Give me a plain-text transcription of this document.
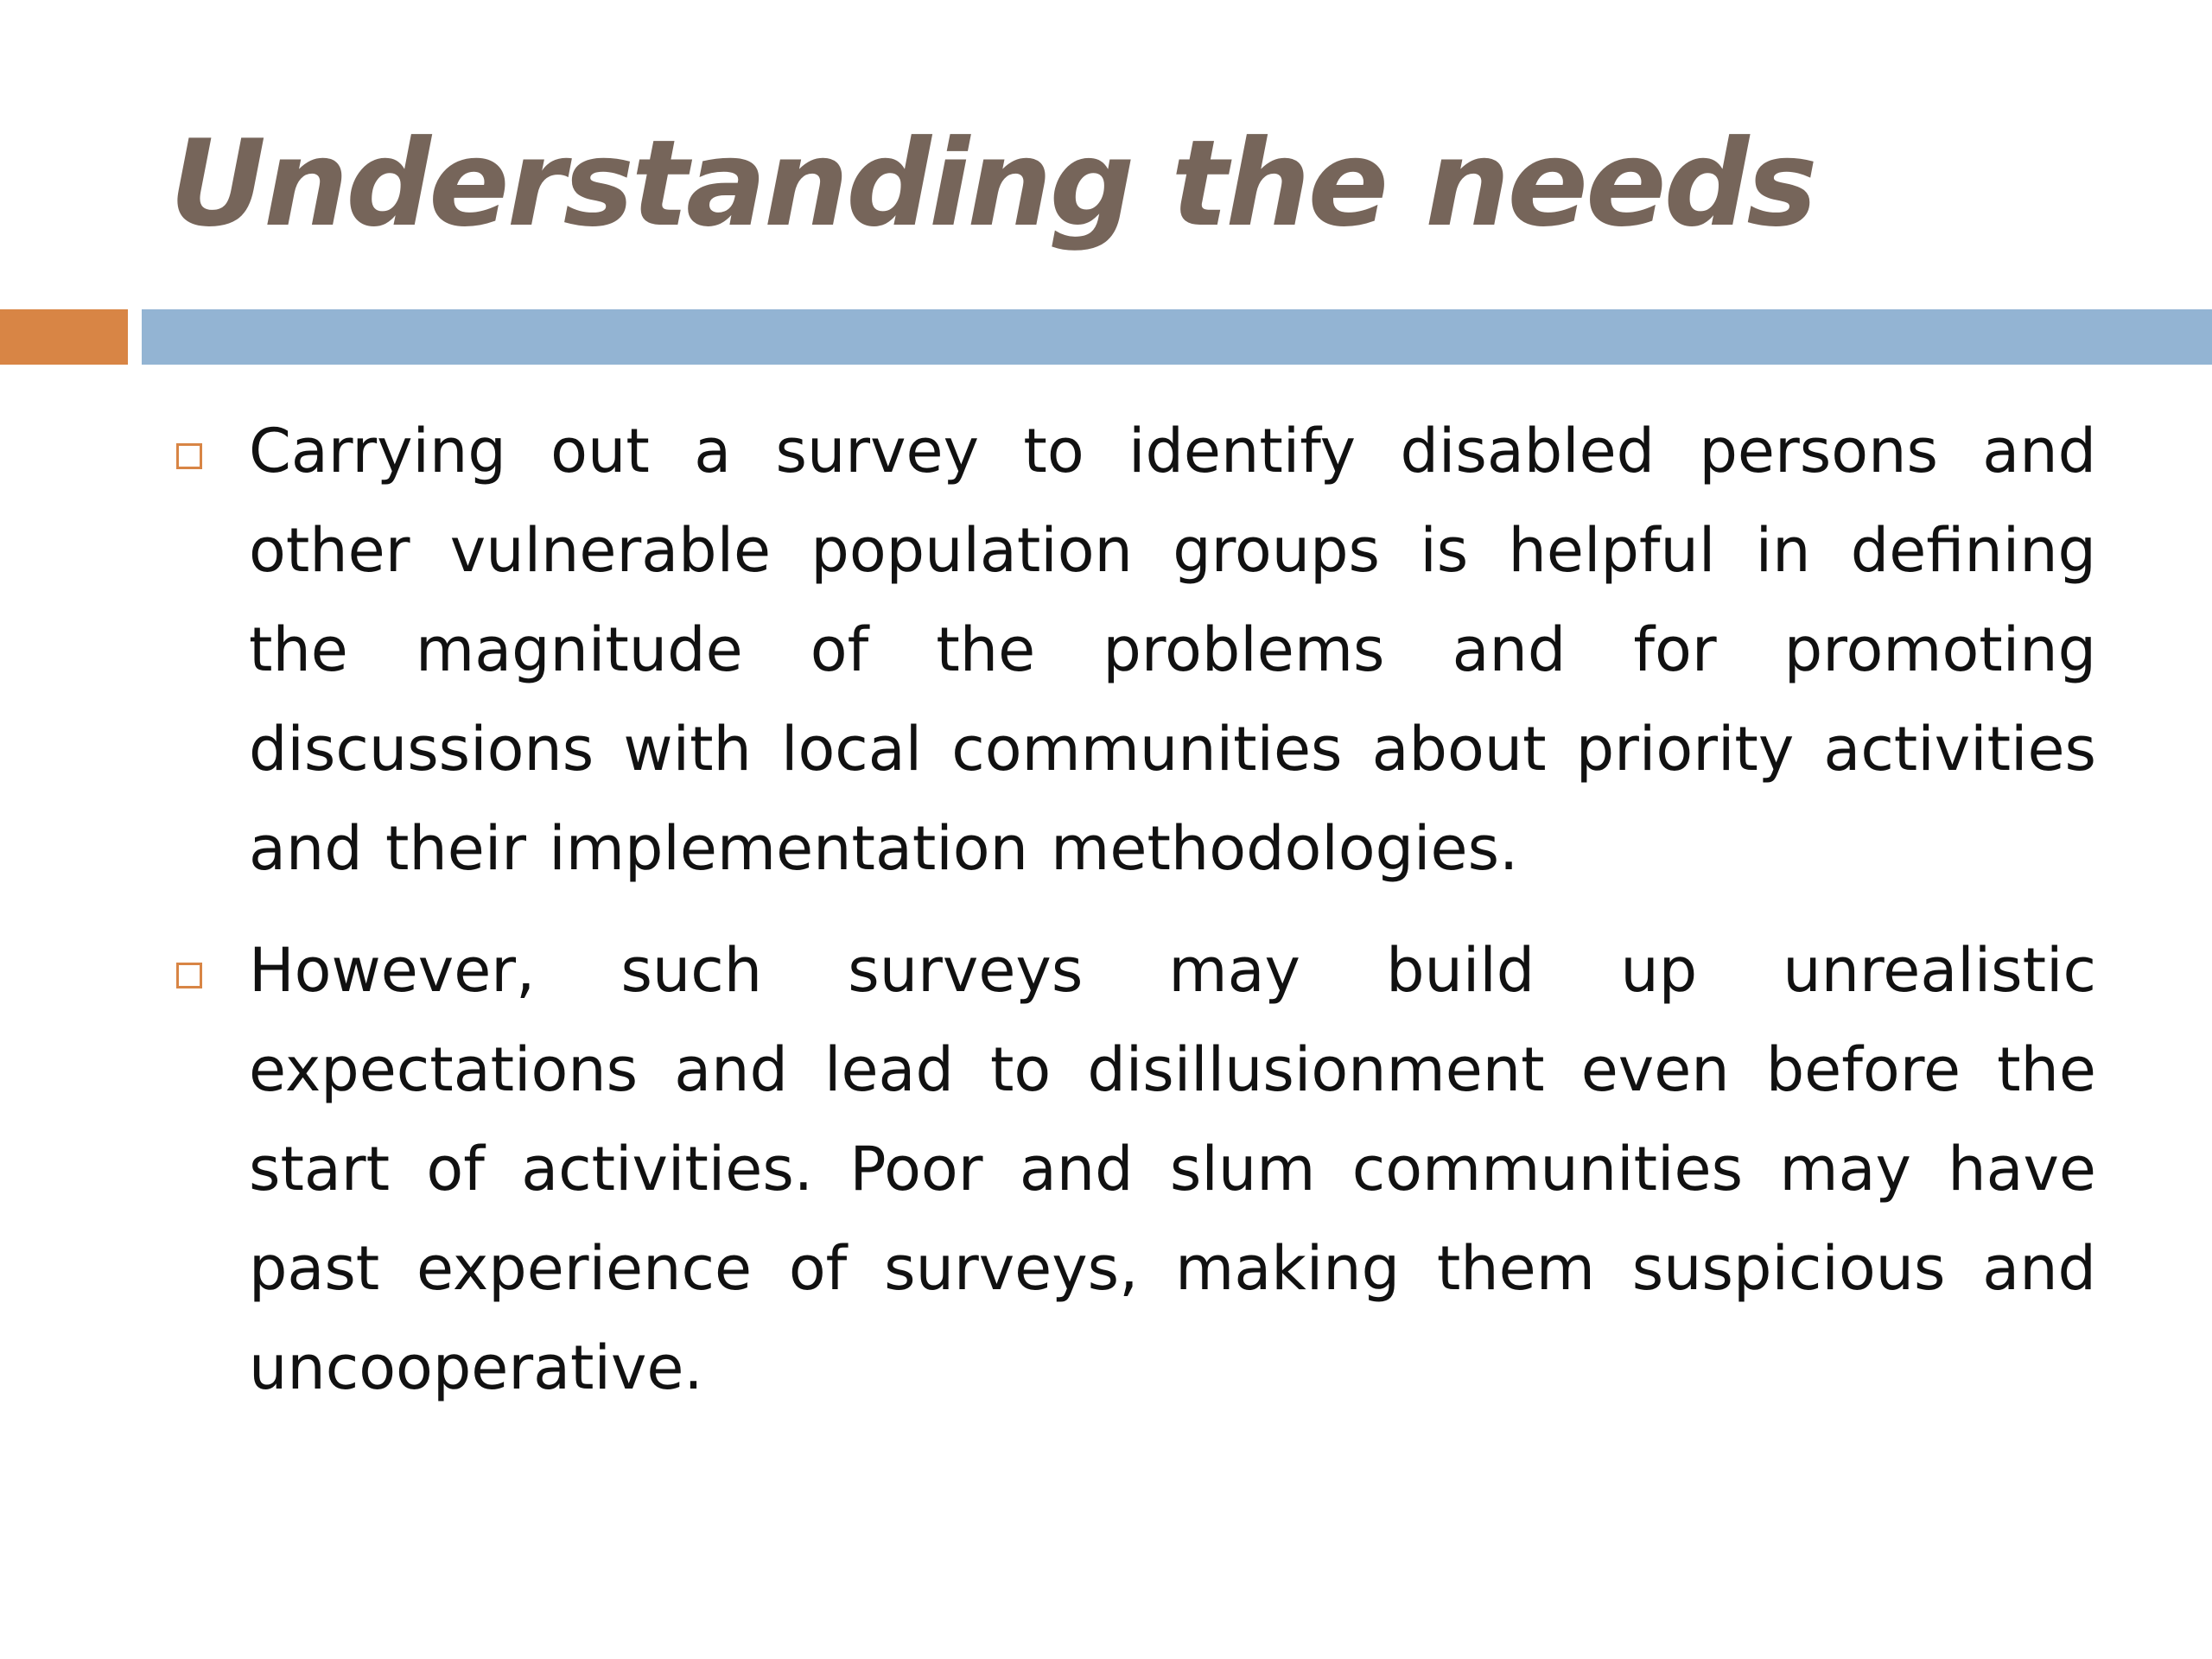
Understanding the needs

Carrying out a survey to identify disabled persons and other vulnerable population groups is helpful in defining the magnitude of the problems and for promoting discussions with local communities about priority activities and their implementation methodologies.

However, such surveys may build up unrealistic expectations and lead to disillusionment even before the start of activities. Poor and slum communities may have past experience of surveys, making them suspicious and uncooperative.
